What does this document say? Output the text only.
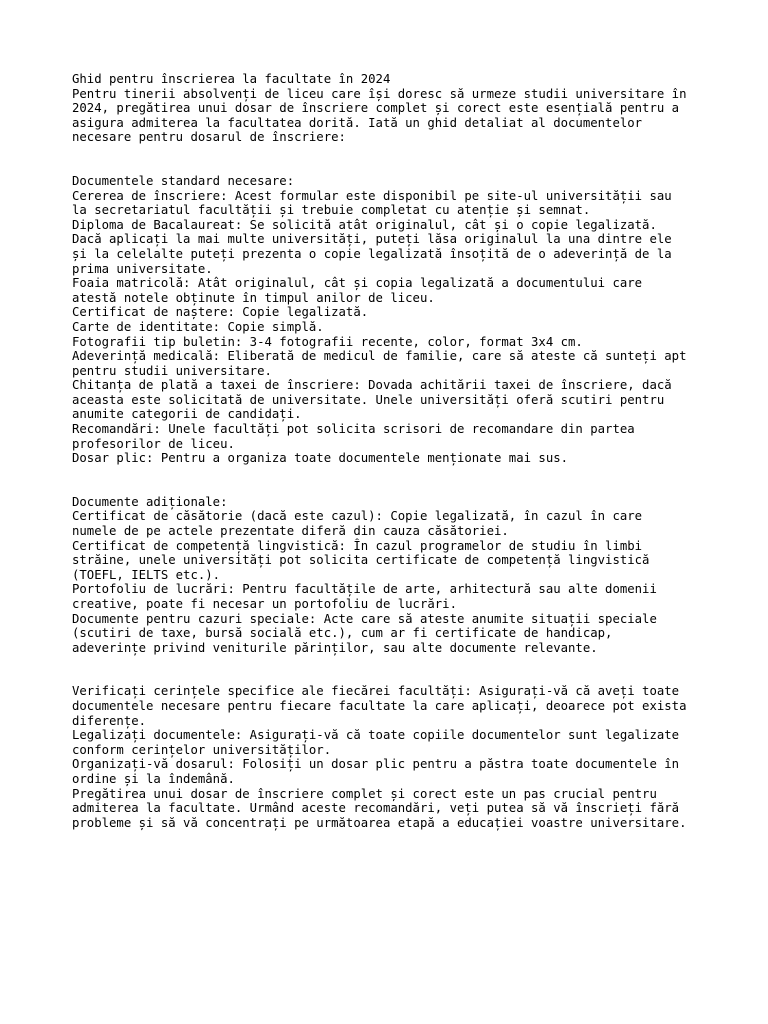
Ghid pentru înscrierea la facultate în 2024
Pentru tinerii absolvenți de liceu care își doresc să urmeze studii universitare în
2024, pregătirea unui dosar de înscriere complet și corect este esențială pentru a
asigura admiterea la facultatea dorită. Iată un ghid detaliat al documentelor
necesare pentru dosarul de înscriere:
Documentele standard necesare:
Cererea de înscriere: Acest formular este disponibil pe site-ul universității sau
la secretariatul facultății și trebuie completat cu atenție și semnat.
Diploma de Bacalaureat: Se solicită atât originalul, cât și o copie legalizată.
Dacă aplicați la mai multe universități, puteți lăsa originalul la una dintre ele
și la celelalte puteți prezenta o copie legalizată însoțită de o adeverință de la
prima universitate.
Foaia matricolă: Atât originalul, cât și copia legalizată a documentului care
atestă notele obținute în timpul anilor de liceu.
Certificat de naștere: Copie legalizată.
Carte de identitate: Copie simplă.
Fotografii tip buletin: 3-4 fotografii recente, color, format 3x4 cm.
Adeverință medicală: Eliberată de medicul de familie, care să ateste că sunteți apt
pentru studii universitare.
Chitanța de plată a taxei de înscriere: Dovada achitării taxei de înscriere, dacă
aceasta este solicitată de universitate. Unele universități oferă scutiri pentru
anumite categorii de candidați.
Recomandări: Unele facultăți pot solicita scrisori de recomandare din partea
profesorilor de liceu.
Dosar plic: Pentru a organiza toate documentele menționate mai sus.
Documente adiționale:
Certificat de căsătorie (dacă este cazul): Copie legalizată, în cazul în care
numele de pe actele prezentate diferă din cauza căsătoriei.
Certificat de competență lingvistică: În cazul programelor de studiu în limbi
străine, unele universități pot solicita certificate de competență lingvistică
(TOEFL, IELTS etc.).
Portofoliu de lucrări: Pentru facultățile de arte, arhitectură sau alte domenii
creative, poate fi necesar un portofoliu de lucrări.
Documente pentru cazuri speciale: Acte care să ateste anumite situații speciale
(scutiri de taxe, bursă socială etc.), cum ar fi certificate de handicap,
adeverințe privind veniturile părinților, sau alte documente relevante.
Verificați cerințele specifice ale fiecărei facultăți: Asigurați-vă că aveți toate
documentele necesare pentru fiecare facultate la care aplicați, deoarece pot exista
diferențe.
Legalizați documentele: Asigurați-vă că toate copiile documentelor sunt legalizate
conform cerințelor universităților.
Organizați-vă dosarul: Folosiți un dosar plic pentru a păstra toate documentele în
ordine și la îndemână.
Pregătirea unui dosar de înscriere complet și corect este un pas crucial pentru
admiterea la facultate. Urmând aceste recomandări, veți putea să vă înscrieți fără
probleme și să vă concentrați pe următoarea etapă a educației voastre universitare.
